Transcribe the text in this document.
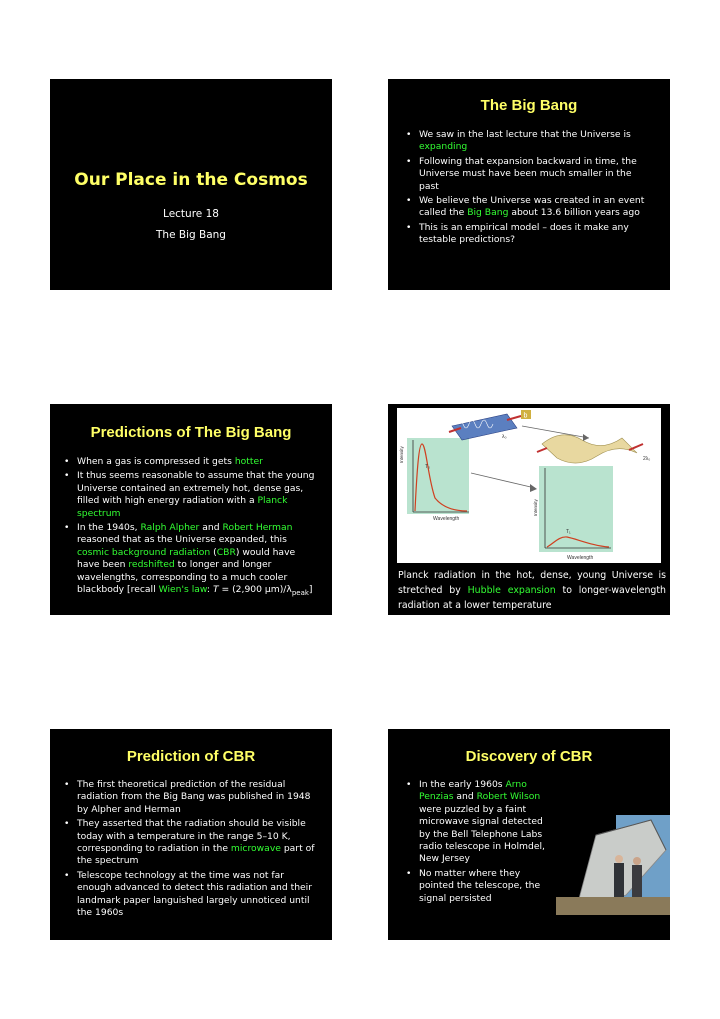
Our Place in the Cosmos
Lecture 18
The Big Bang
The Big Bang
• We saw in the last lecture that the Universe is expanding
• Following that expansion backward in time, the Universe must have been much smaller in the past
• We believe the Universe was created in an event called the Big Bang about 13.6 billion years ago
• This is an empirical model – does it make any testable predictions?
Predictions of The Big Bang
• When a gas is compressed it gets hotter
• It thus seems reasonable to assume that the young Universe contained an extremely hot, dense gas, filled with high energy radiation with a Planck spectrum
• In the 1940s, Ralph Alpher and Robert Herman reasoned that as the Universe expanded, this cosmic background radiation (CBR) would have have been redshifted to longer and longer wavelengths, corresponding to a much cooler blackbody [recall Wien's law: T = (2,900 $\mu m)/\lambda_{peak}$]
b
Intensity
Intensity
Wavelength
Wavelength
T₀
T₁
2λ₀
λ₀
Planck radiation in the hot, dense, young Universe is stretched by Hubble expansion to longer-wavelength radiation at a lower temperature
Prediction of CBR
• The first theoretical prediction of the residual radiation from the Big Bang was published in 1948 by Alpher and Herman
• They asserted that the radiation should be visible today with a temperature in the range 5–10 K, corresponding to radiation in the microwave part of the spectrum
• Telescope technology at the time was not far enough advanced to detect this radiation and their landmark paper languished largely unnoticed until the 1960s
Discovery of CBR
• In the early 1960s Arno Penzias and Robert Wilson were puzzled by a faint microwave signal detected by the Bell Telephone Labs radio telescope in Holmdel, New Jersey
• No matter where they pointed the telescope, the signal persisted
